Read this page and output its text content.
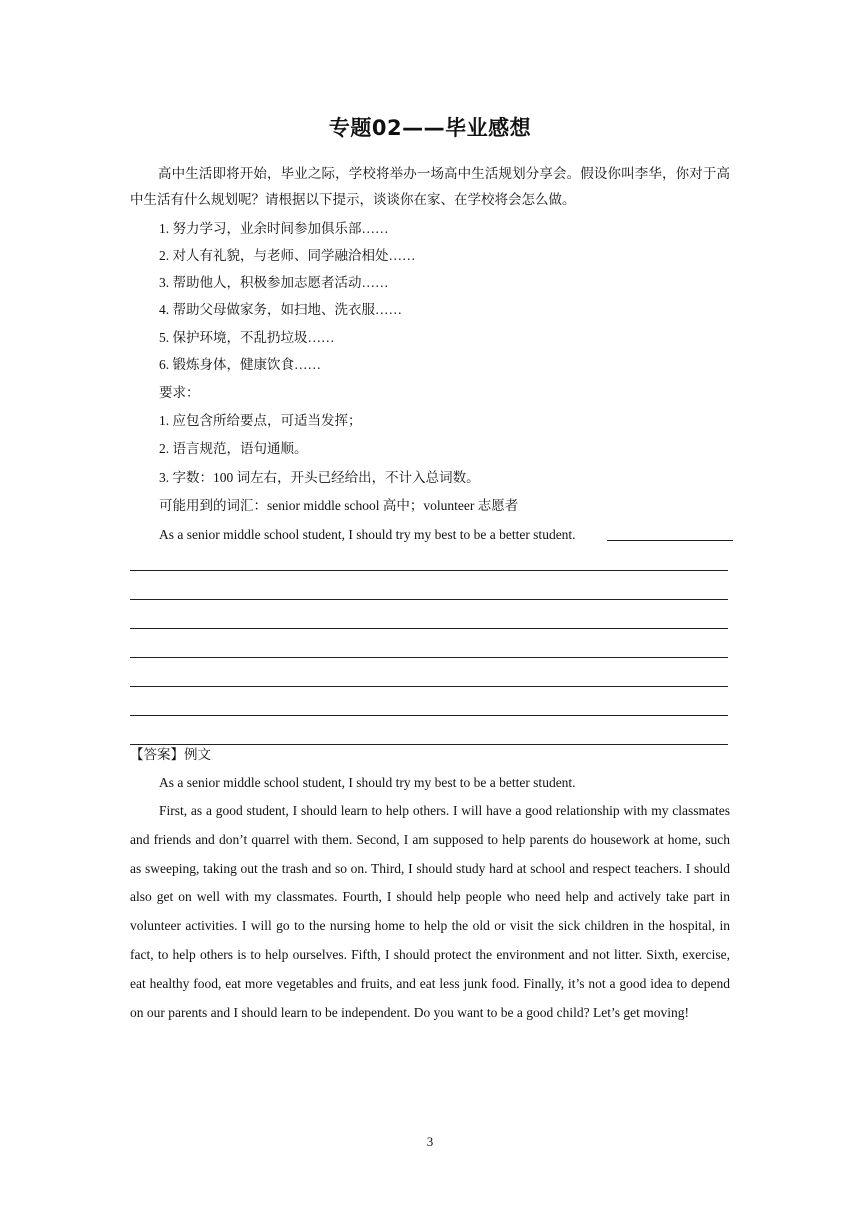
专题02——毕业感想
高中生活即将开始，毕业之际，学校将举办一场高中生活规划分享会。假设你叫李华，你对于高中生活有什么规划呢？请根据以下提示，谈谈你在家、在学校将会怎么做。
1. 努力学习，业余时间参加俱乐部……
2. 对人有礼貌，与老师、同学融洽相处……
3. 帮助他人，积极参加志愿者活动……
4. 帮助父母做家务，如扫地、洗衣服……
5. 保护环境，不乱扔垃圾……
6. 锻炼身体，健康饮食……
要求：
1. 应包含所给要点，可适当发挥；
2. 语言规范，语句通顺。
3. 字数：100 词左右，开头已经给出，不计入总词数。
可能用到的词汇：senior middle school 高中；volunteer 志愿者
As a senior middle school student, I should try my best to be a better student.
【答案】例文
As a senior middle school student, I should try my best to be a better student.
First, as a good student, I should learn to help others. I will have a good relationship with my classmates and friends and don’t quarrel with them. Second, I am supposed to help parents do housework at home, such as sweeping, taking out the trash and so on. Third, I should study hard at school and respect teachers. I should also get on well with my classmates. Fourth, I should help people who need help and actively take part in volunteer activities. I will go to the nursing home to help the old or visit the sick children in the hospital, in fact, to help others is to help ourselves. Fifth, I should protect the environment and not litter. Sixth, exercise, eat healthy food, eat more vegetables and fruits, and eat less junk food. Finally, it’s not a good idea to depend on our parents and I should learn to be independent. Do you want to be a good child? Let’s get moving!
3
